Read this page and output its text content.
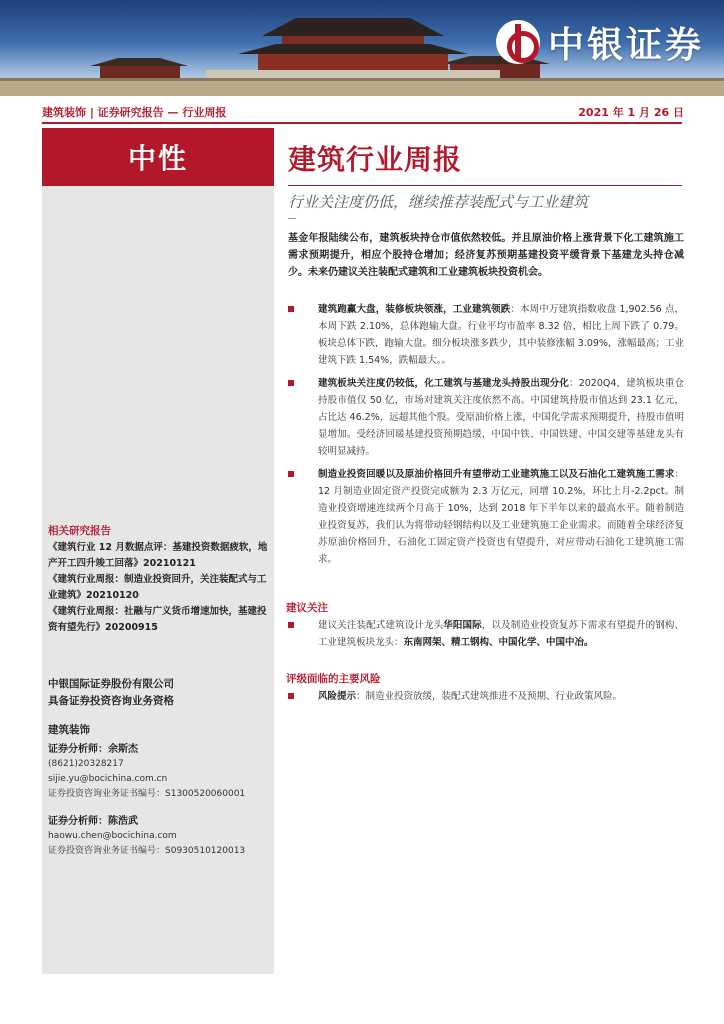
中银证券
建筑装饰 | 证券研究报告 — 行业周报	2021 年 1 月 26 日
中性
相关研究报告
《建筑行业 12 月数据点评：基建投资数据疲软，地产开工四升竣工回落》20210121
《建筑行业周报：制造业投资回升，关注装配式与工业建筑》20210120
《建筑行业周报：社融与广义货币增速加快，基建投资有望先行》20200915
中银国际证券股份有限公司
具备证券投资咨询业务资格
建筑装饰
证券分析师：余斯杰
(8621)20328217
sijie.yu@bocichina.com.cn
证券投资咨询业务证书编号：S1300520060001
证券分析师：陈浩武
haowu.chen@bocichina.com
证券投资咨询业务证书编号：S0930510120013
建筑行业周报
行业关注度仍低，继续推荐装配式与工业建筑
基金年报陆续公布，建筑板块持仓市值依然较低。并且原油价格上涨背景下化工建筑施工需求预期提升，相应个股持仓增加；经济复苏预期基建投资平缓背景下基建龙头持仓减少。未来仍建议关注装配式建筑和工业建筑板块投资机会。
建筑跑赢大盘，装修板块领涨，工业建筑领跌：本周中万建筑指数收盘 1,902.56 点，本周下跌 2.10%，总体跑输大盘。行业平均市盈率 8.32 倍，相比上周下跌了 0.79。板块总体下跌，跑输大盘。细分板块涨多跌少，其中装修涨幅 3.09%，涨幅最高；工业建筑下跌 1.54%，跌幅最大。。
建筑板块关注度仍较低，化工建筑与基建龙头持股出现分化：2020Q4，建筑板块重仓持股市值仅 50 亿，市场对建筑关注度依然不高。中国建筑持股市值达到 23.1 亿元，占比达 46.2%，远超其他个股。受原油价格上涨，中国化学需求预期提升，持股市值明显增加。受经济回暖基建投资预期趋缓，中国中铁、中国铁建、中国交建等基建龙头有较明显减持。
制造业投资回暖以及原油价格回升有望带动工业建筑施工以及石油化工建筑施工需求：12 月制造业固定资产投资完成额为 2.3 万亿元，同增 10.2%，环比上月-2.2pct。制造业投资增速连续两个月高于 10%，达到 2018 年下半年以来的最高水平。随着制造业投资复苏，我们认为将带动轻钢结构以及工业建筑施工企业需求。而随着全球经济复苏原油价格回升，石油化工固定资产投资也有望提升，对应带动石油化工建筑施工需求。
建议关注
建议关注装配式建筑设计龙头华阳国际，以及制造业投资复苏下需求有望提升的钢构、工业建筑板块龙头：东南网架、精工钢构、中国化学、中国中冶。
评级面临的主要风险
风险提示：制造业投资放缓，装配式建筑推进不及预期、行业政策风险。
